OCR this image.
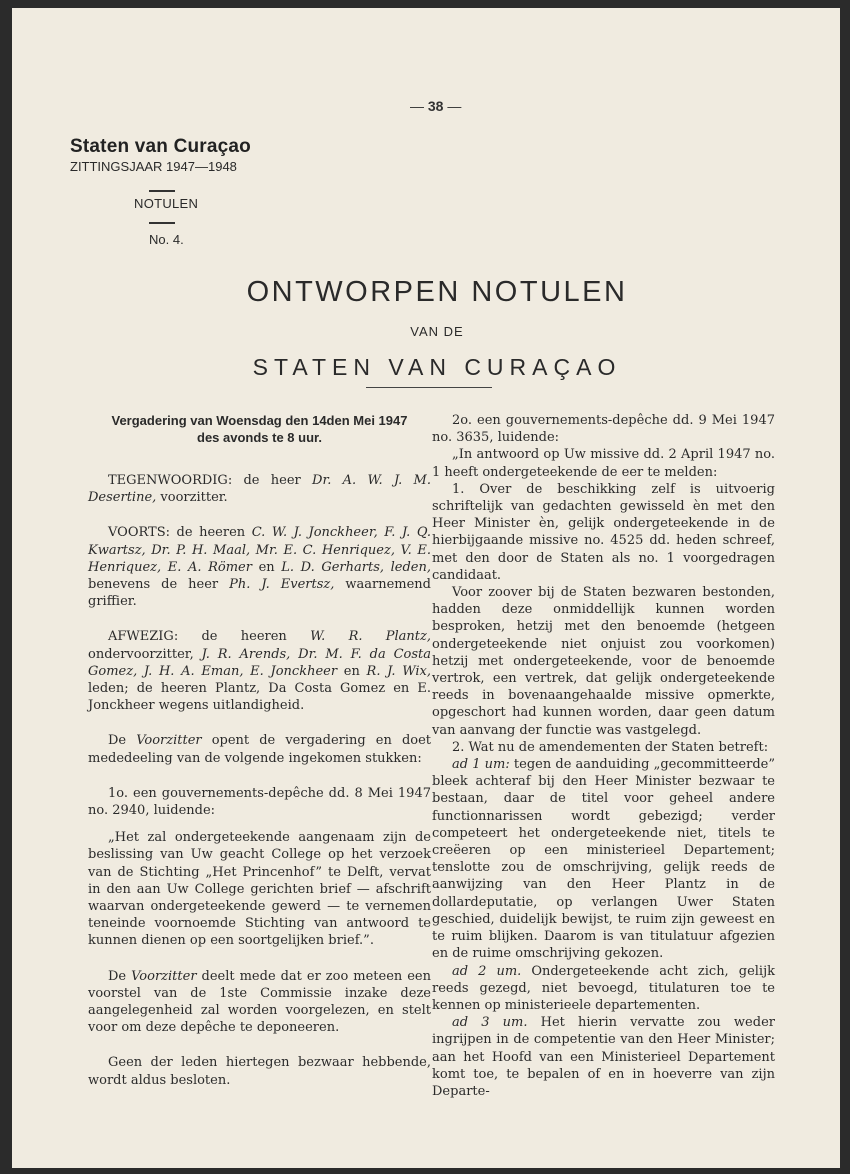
— 38 —
Staten van Curaçao
ZITTINGSJAAR 1947—1948
NOTULEN
No. 4.
ONTWORPEN NOTULEN
VAN DE
STATEN VAN CURAÇAO

Vergadering van Woensdag den 14den Mei 1947
des avonds te 8 uur.

TEGENWOORDIG: de heer Dr. A. W. J. M. Desertine, voorzitter.

VOORTS: de heeren C. W. J. Jonckheer, F. J. Q. Kwartsz, Dr. P. H. Maal, Mr. E. C. Henriquez, V. E. Henriquez, E. A. Römer en L. D. Gerharts, leden, benevens de heer Ph. J. Evertsz, waarnemend griffier.

AFWEZIG: de heeren W. R. Plantz, ondervoorzitter, J. R. Arends, Dr. M. F. da Costa Gomez, J. H. A. Eman, E. Jonckheer en R. J. Wix, leden; de heeren Plantz, Da Costa Gomez en E. Jonckheer wegens uitlandigheid.

De Voorzitter opent de vergadering en doet mededeeling van de volgende ingekomen stukken:

1o. een gouvernements-depêche dd. 8 Mei 1947 no. 2940, luidende:

„Het zal ondergeteekende aangenaam zijn de beslissing van Uw geacht College op het verzoek van de Stichting „Het Princenhof” te Delft, vervat in den aan Uw College gerichten brief — afschrift waarvan ondergeteekende gewerd — te vernemen teneinde voornoemde Stichting van antwoord te kunnen dienen op een soortgelijken brief.”.

De Voorzitter deelt mede dat er zoo meteen een voorstel van de 1ste Commissie inzake deze aangelegenheid zal worden voorgelezen, en stelt voor om deze depêche te deponeeren.

Geen der leden hiertegen bezwaar hebbende, wordt aldus besloten.

2o. een gouvernements-depêche dd. 9 Mei 1947 no. 3635, luidende:

„In antwoord op Uw missive dd. 2 April 1947 no. 1 heeft ondergeteekende de eer te melden:

1. Over de beschikking zelf is uitvoerig schriftelijk van gedachten gewisseld èn met den Heer Minister èn, gelijk ondergeteekende in de hierbijgaande missive no. 4525 dd. heden schreef, met den door de Staten als no. 1 voorgedragen candidaat.

Voor zoover bij de Staten bezwaren bestonden, hadden deze onmiddellijk kunnen worden besproken, hetzij met den benoemde (hetgeen ondergeteekende niet onjuist zou voorkomen) hetzij met ondergeteekende, voor de benoemde vertrok, een vertrek, dat gelijk ondergeteekende reeds in bovenaangehaalde missive opmerkte, opgeschort had kunnen worden, daar geen datum van aanvang der functie was vastgelegd.

2. Wat nu de amendementen der Staten betreft:

ad 1 um: tegen de aanduiding „gecommitteerde” bleek achteraf bij den Heer Minister bezwaar te bestaan, daar de titel voor geheel andere functionnarissen wordt gebezigd; verder competeert het ondergeteekende niet, titels te creëeren op een ministerieel Departement; tenslotte zou de omschrijving, gelijk reeds de aanwijzing van den Heer Plantz in de dollardeputatie, op verlangen Uwer Staten geschied, duidelijk bewijst, te ruim zijn geweest en te ruim blijken. Daarom is van titulatuur afgezien en de ruime omschrijving gekozen.

ad 2 um. Ondergeteekende acht zich, gelijk reeds gezegd, niet bevoegd, titulaturen toe te kennen op ministerieele departementen.

ad 3 um. Het hierin vervatte zou weder ingrijpen in de competentie van den Heer Minister; aan het Hoofd van een Ministerieel Departement komt toe, te bepalen of en in hoeverre van zijn Departe-
